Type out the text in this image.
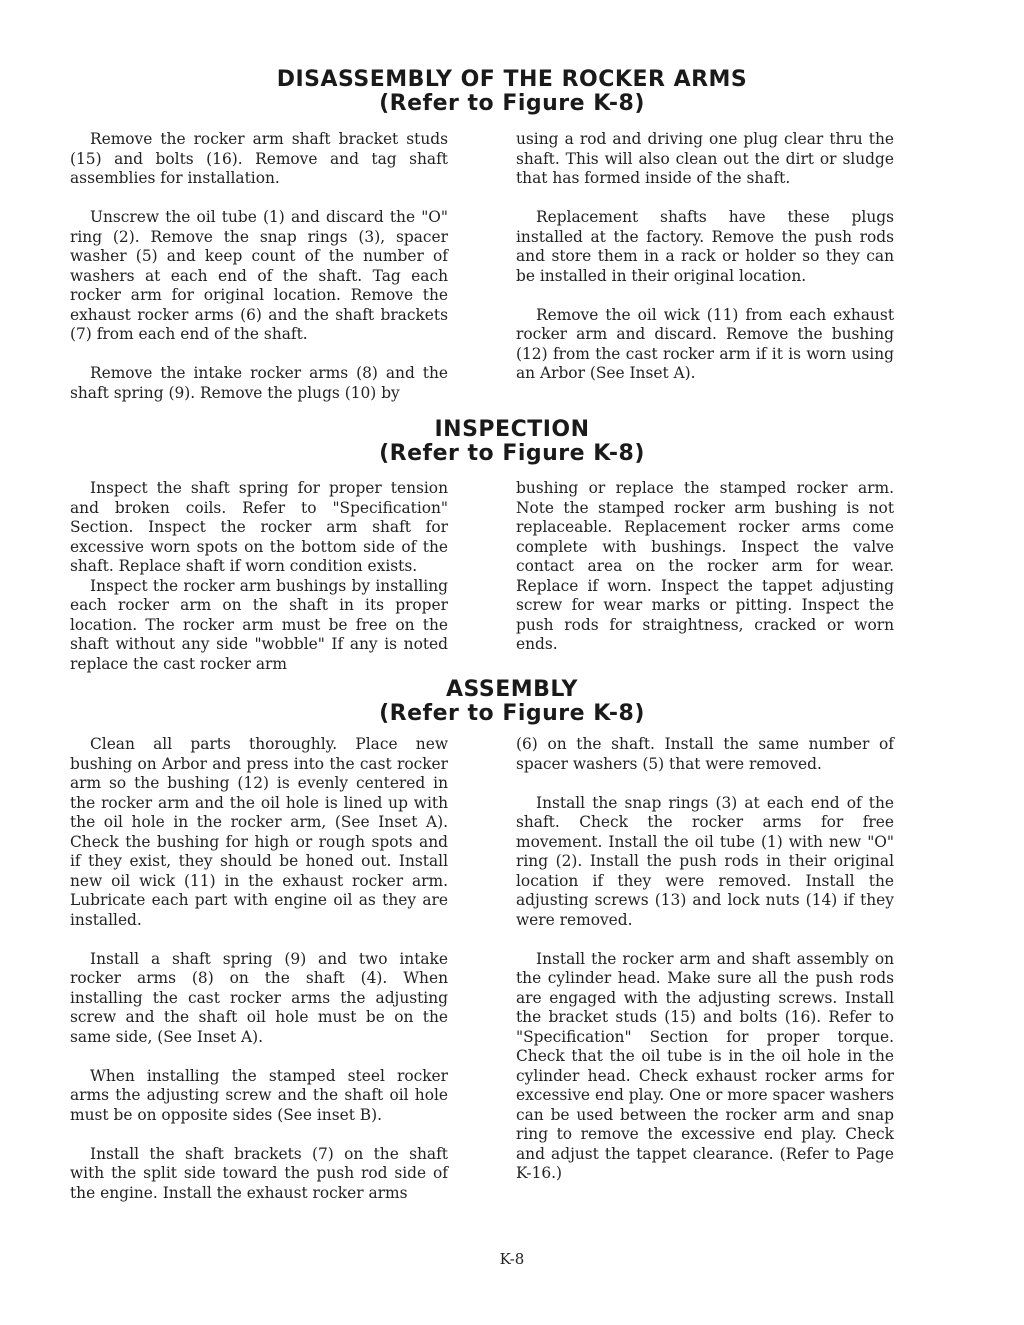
DISASSEMBLY OF THE ROCKER ARMS
(Refer to Figure K-8)

Remove the rocker arm shaft bracket studs (15) and bolts (16). Remove and tag shaft assemblies for installation.

Unscrew the oil tube (1) and discard the "O" ring (2). Remove the snap rings (3), spacer washer (5) and keep count of the number of washers at each end of the shaft. Tag each rocker arm for original location. Remove the exhaust rocker arms (6) and the shaft brackets (7) from each end of the shaft.

Remove the intake rocker arms (8) and the shaft spring (9). Remove the plugs (10) by

using a rod and driving one plug clear thru the shaft. This will also clean out the dirt or sludge that has formed inside of the shaft.

Replacement shafts have these plugs installed at the factory. Remove the push rods and store them in a rack or holder so they can be installed in their original location.

Remove the oil wick (11) from each exhaust rocker arm and discard. Remove the bushing (12) from the cast rocker arm if it is worn using an Arbor (See Inset A).

INSPECTION
(Refer to Figure K-8)

Inspect the shaft spring for proper tension and broken coils. Refer to "Specification" Section. Inspect the rocker arm shaft for excessive worn spots on the bottom side of the shaft. Replace shaft if worn condition exists.

Inspect the rocker arm bushings by installing each rocker arm on the shaft in its proper location. The rocker arm must be free on the shaft without any side "wobble" If any is noted replace the cast rocker arm

bushing or replace the stamped rocker arm. Note the stamped rocker arm bushing is not replaceable. Replacement rocker arms come complete with bushings. Inspect the valve contact area on the rocker arm for wear. Replace if worn. Inspect the tappet adjusting screw for wear marks or pitting. Inspect the push rods for straightness, cracked or worn ends.

ASSEMBLY
(Refer to Figure K-8)

Clean all parts thoroughly. Place new bushing on Arbor and press into the cast rocker arm so the bushing (12) is evenly centered in the rocker arm and the oil hole is lined up with the oil hole in the rocker arm, (See Inset A). Check the bushing for high or rough spots and if they exist, they should be honed out. Install new oil wick (11) in the exhaust rocker arm. Lubricate each part with engine oil as they are installed.

Install a shaft spring (9) and two intake rocker arms (8) on the shaft (4). When installing the cast rocker arms the adjusting screw and the shaft oil hole must be on the same side, (See Inset A).

When installing the stamped steel rocker arms the adjusting screw and the shaft oil hole must be on opposite sides (See inset B).

Install the shaft brackets (7) on the shaft with the split side toward the push rod side of the engine. Install the exhaust rocker arms

(6) on the shaft. Install the same number of spacer washers (5) that were removed.

Install the snap rings (3) at each end of the shaft. Check the rocker arms for free movement. Install the oil tube (1) with new "O" ring (2). Install the push rods in their original location if they were removed. Install the adjusting screws (13) and lock nuts (14) if they were removed.

Install the rocker arm and shaft assembly on the cylinder head. Make sure all the push rods are engaged with the adjusting screws. Install the bracket studs (15) and bolts (16). Refer to "Specification" Section for proper torque. Check that the oil tube is in the oil hole in the cylinder head. Check exhaust rocker arms for excessive end play. One or more spacer washers can be used between the rocker arm and snap ring to remove the excessive end play. Check and adjust the tappet clearance. (Refer to Page K-16.)

K-8
